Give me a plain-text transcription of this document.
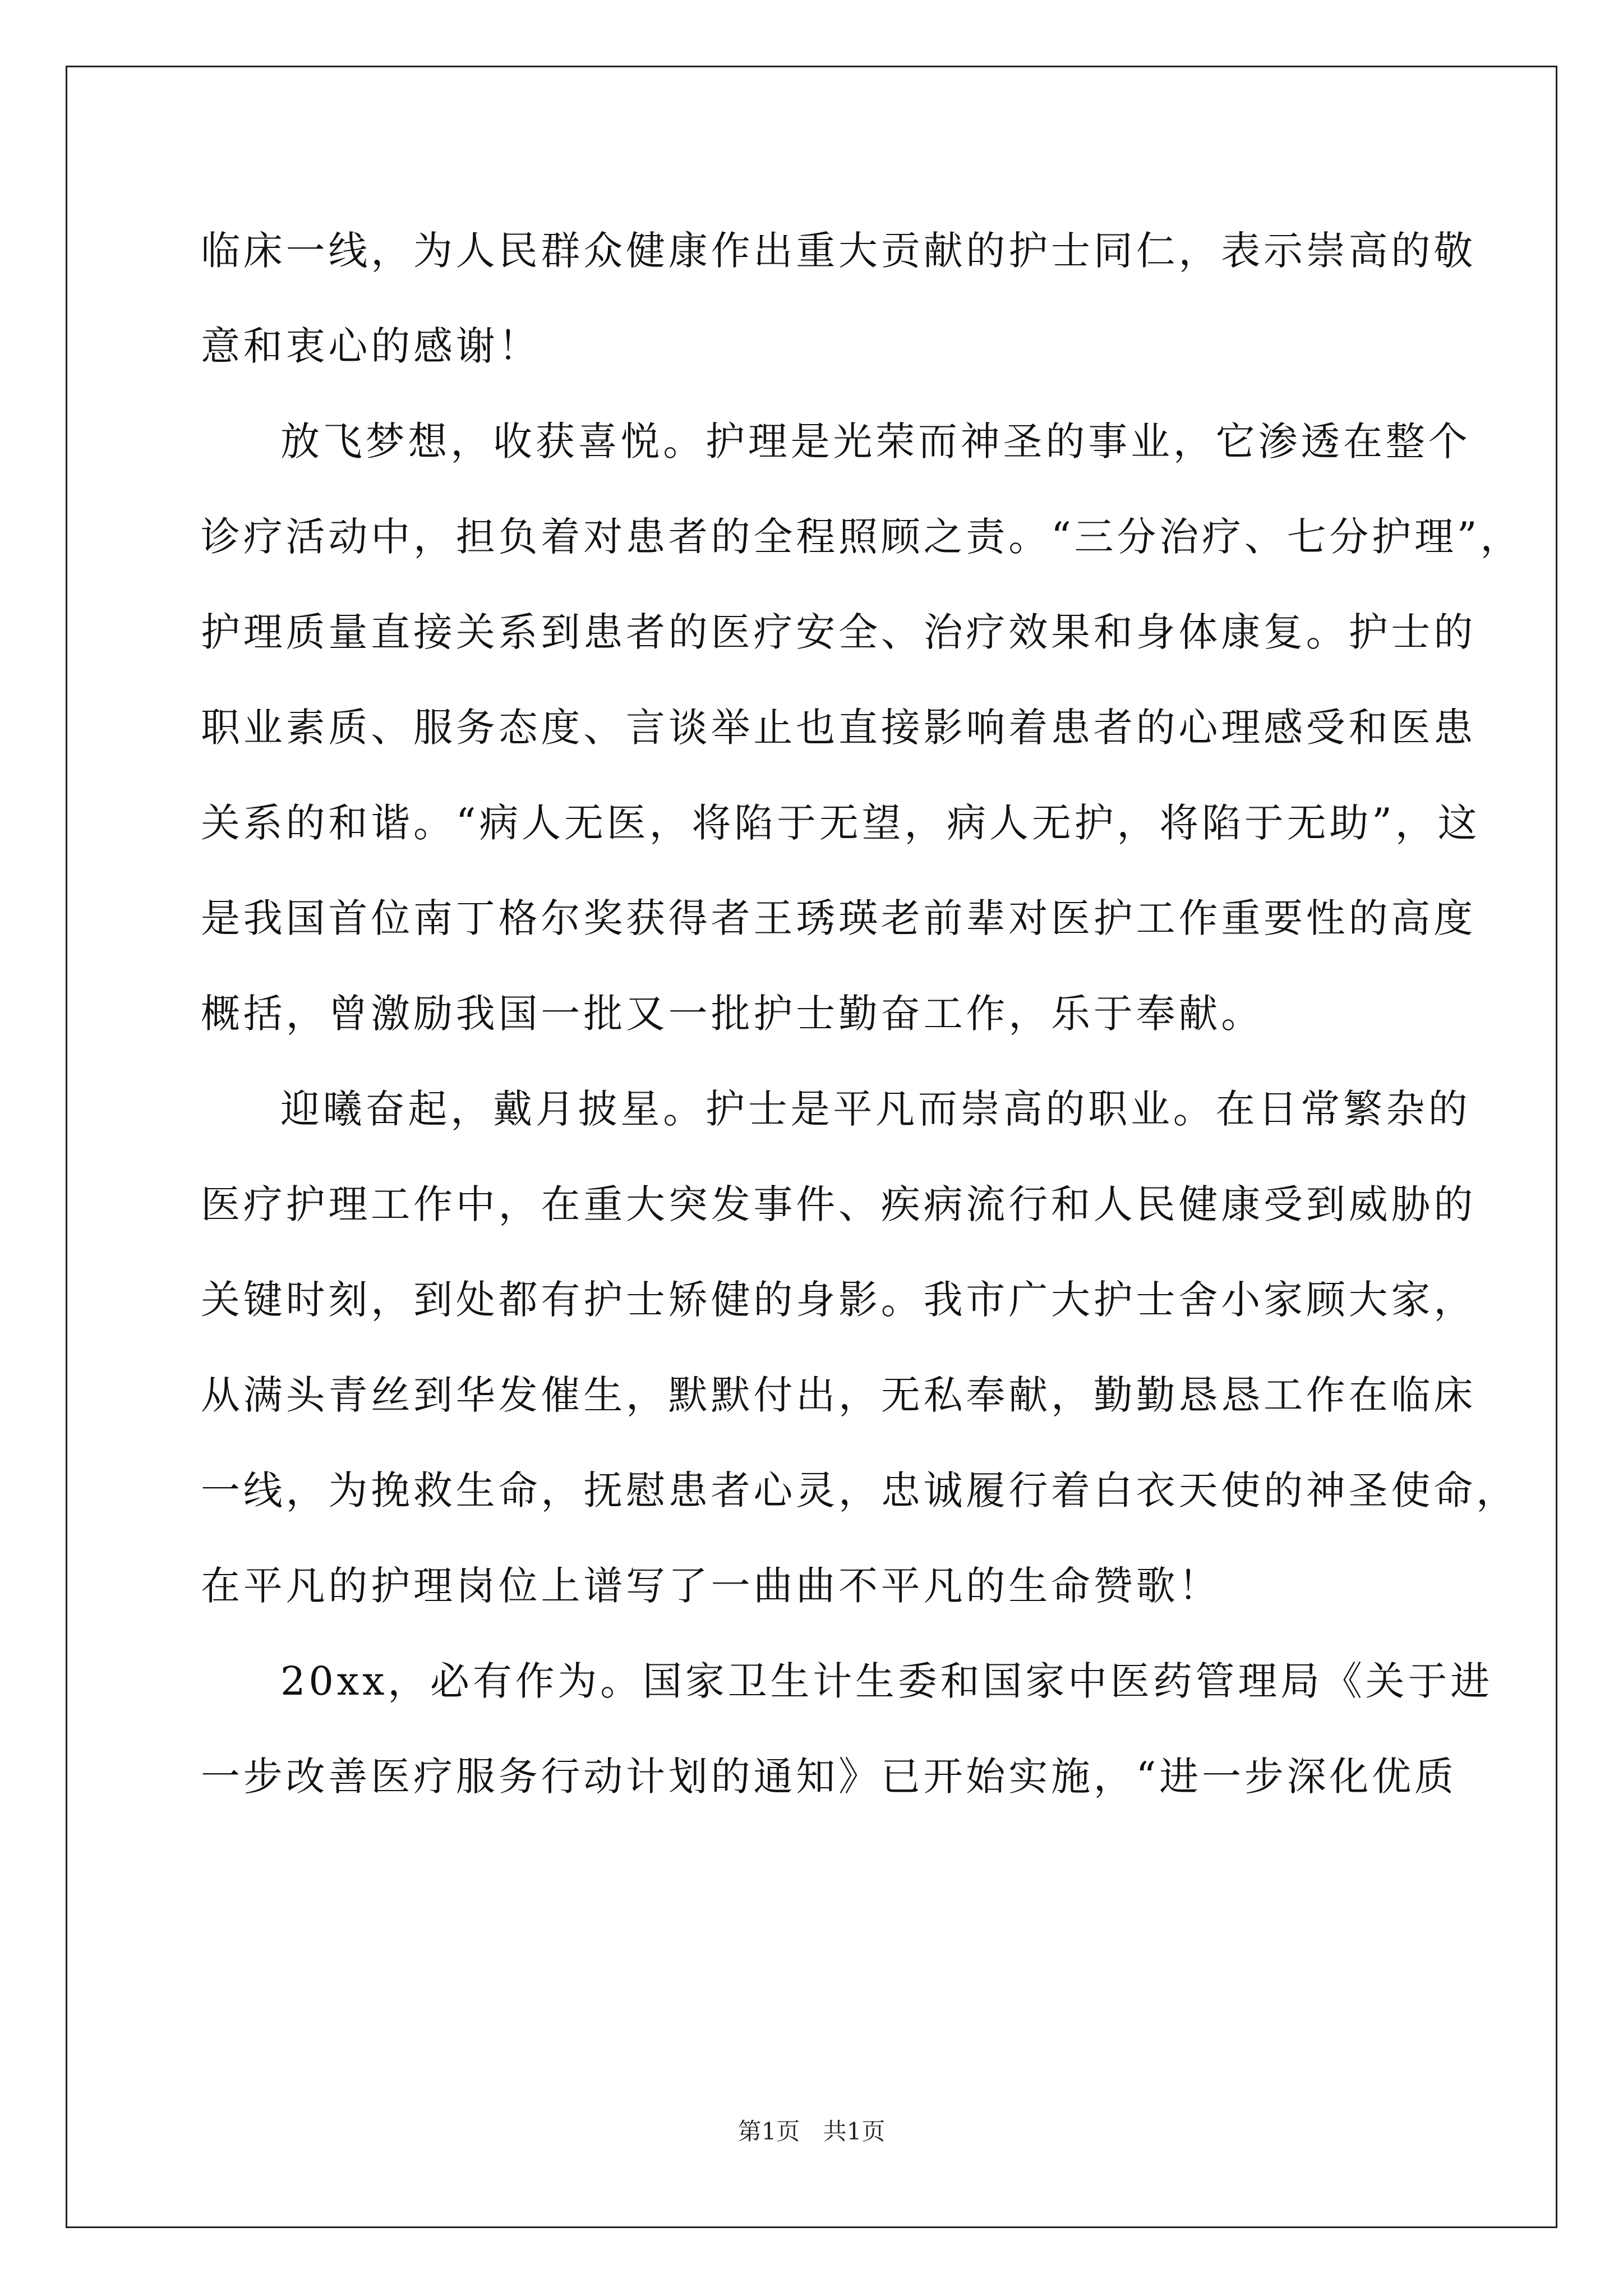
临床一线，为人民群众健康作出重大贡献的护士同仁，表示崇高的敬

意和衷心的感谢！

放飞梦想，收获喜悦。护理是光荣而神圣的事业，它渗透在整个

诊疗活动中，担负着对患者的全程照顾之责。“三分治疗、七分护理”，

护理质量直接关系到患者的医疗安全、治疗效果和身体康复。护士的

职业素质、服务态度、言谈举止也直接影响着患者的心理感受和医患

关系的和谐。“病人无医，将陷于无望，病人无护，将陷于无助”，这

是我国首位南丁格尔奖获得者王琇瑛老前辈对医护工作重要性的高度

概括，曾激励我国一批又一批护士勤奋工作，乐于奉献。

迎曦奋起，戴月披星。护士是平凡而崇高的职业。在日常繁杂的

医疗护理工作中，在重大突发事件、疾病流行和人民健康受到威胁的

关键时刻，到处都有护士矫健的身影。我市广大护士舍小家顾大家，

从满头青丝到华发催生，默默付出，无私奉献，勤勤恳恳工作在临床

一线，为挽救生命，抚慰患者心灵，忠诚履行着白衣天使的神圣使命，

在平凡的护理岗位上谱写了一曲曲不平凡的生命赞歌！

20xx，必有作为。国家卫生计生委和国家中医药管理局《关于进

一步改善医疗服务行动计划的通知》已开始实施，“进一步深化优质

第1页 共1页
